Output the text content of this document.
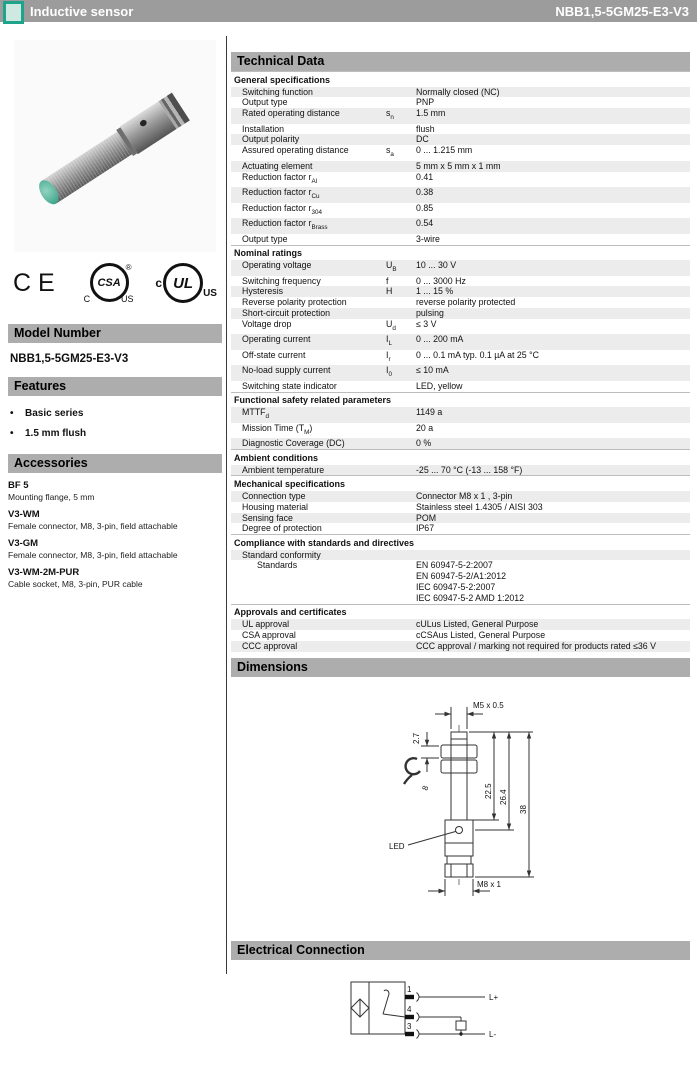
Inductive sensor	NBB1,5-5GM25-E3-V3
CE	CSA
®
C	US
c UL
US
Model Number
NBB1,5-5GM25-E3-V3
Features
•	Basic series
•	1.5 mm flush
Accessories
BF 5
Mounting flange, 5 mm
V3-WM
Female connector, M8, 3-pin, field attachable
V3-GM
Female connector, M8, 3-pin, field attachable
V3-WM-2M-PUR
Cable socket, M8, 3-pin, PUR cable
Technical Data
General specifications
Switching function	Normally closed (NC)
Output type	PNP
Rated operating distance	$s_n$	1.5 mm
Installation	flush
Output polarity	DC
Assured operating distance	$s_a$	0 ... 1.215 mm
Actuating element	5 mm x 5 mm x 1 mm
Reduction factor $r_{Al}$	0.41
Reduction factor $r_{Cu}$	0.38
Reduction factor $r_{304}$	0.85
Reduction factor $r_{Brass}$	0.54
Output type	3-wire
Nominal ratings
Operating voltage	$U_B$	10 ... 30 V
Switching frequency	f	0 ... 3000 Hz
Hysteresis	H	1 ... 15 %
Reverse polarity protection	reverse polarity protected
Short-circuit protection	pulsing
Voltage drop	$U_d$	≤ 3 V
Operating current	$I_L$	0 ... 200 mA
Off-state current	$I_r$	0 ... 0.1 mA typ. 0.1 µA at 25 °C
No-load supply current	$I_0$	≤ 10 mA
Switching state indicator	LED, yellow
Functional safety related parameters
$MTTF_d$	1149 a
Mission Time $(T_M)$	20 a
Diagnostic Coverage (DC)	0 %
Ambient conditions
Ambient temperature	-25 ... 70 °C (-13 ... 158 °F)
Mechanical specifications
Connection type	Connector M8 x 1 , 3-pin
Housing material	Stainless steel 1.4305 / AISI 303
Sensing face	POM
Degree of protection	IP67
Compliance with standards and directives
Standard conformity
Standards	EN 60947-5-2:2007
EN 60947-5-2/A1:2012
IEC 60947-5-2:2007
IEC 60947-5-2 AMD 1:2012
Approvals and certificates
UL approval	cULus Listed, General Purpose
CSA approval	cCSAus Listed, General Purpose
CCC approval	CCC approval / marking not required for products rated ≤36 V
Dimensions
M5 x 0.5
2.7
8	22.5 26.4
38
LED
M8 x 1
Electrical Connection
1
4
3
L+
L-
